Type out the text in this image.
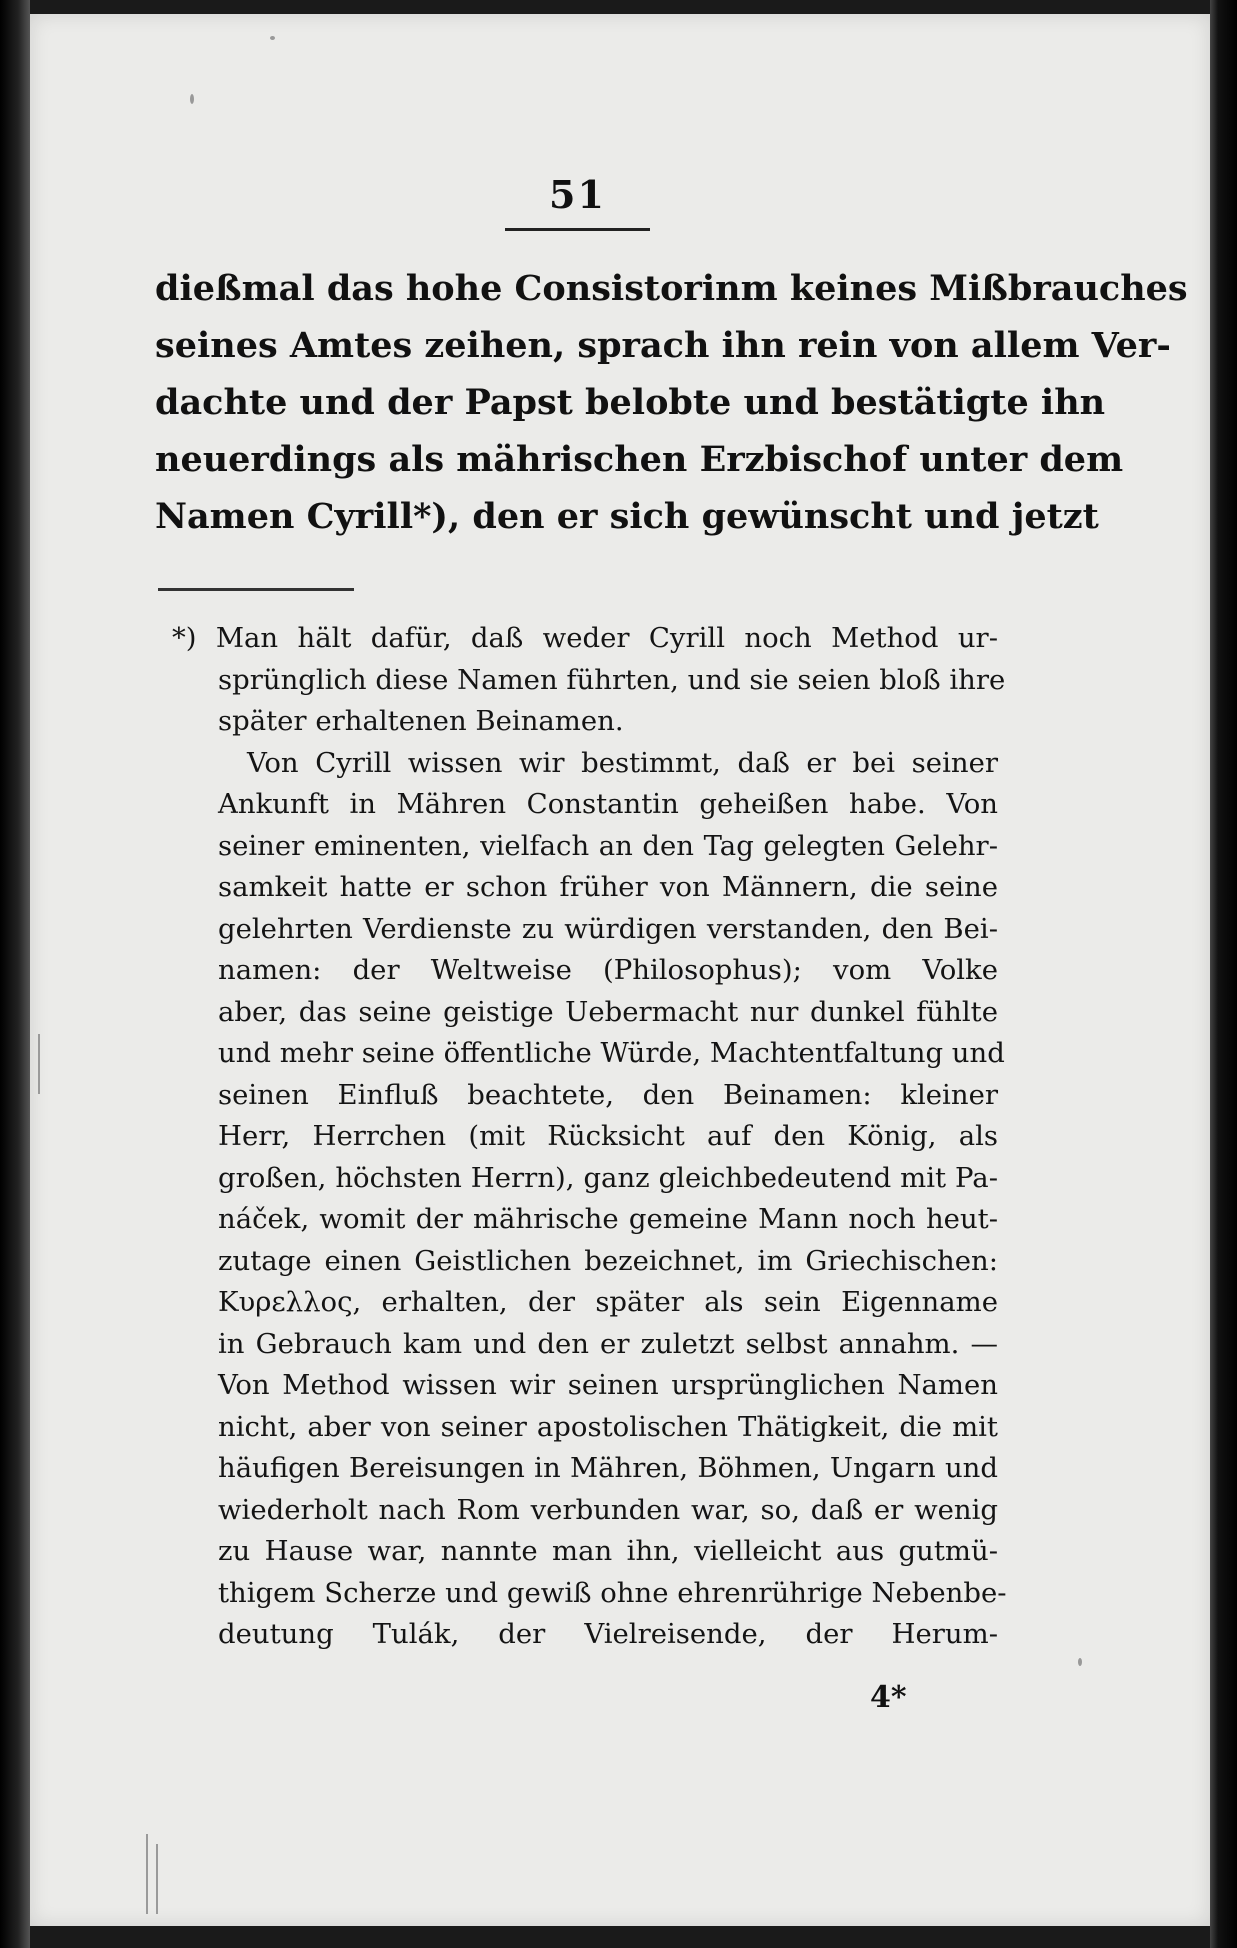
51
dießmal das hohe Consistorinm keines Mißbrauches
seines Amtes zeihen, sprach ihn rein von allem Ver-
dachte und der Papst belobte und bestätigte ihn
neuerdings als mährischen Erzbischof unter dem
Namen Cyrill*), den er sich gewünscht und jetzt
*) Man hält dafür, daß weder Cyrill noch Method ur-
sprünglich diese Namen führten, und sie seien bloß ihre
später erhaltenen Beinamen.
Von Cyrill wissen wir bestimmt, daß er bei seiner
Ankunft in Mähren Constantin geheißen habe. Von
seiner eminenten, vielfach an den Tag gelegten Gelehr-
samkeit hatte er schon früher von Männern, die seine
gelehrten Verdienste zu würdigen verstanden, den Bei-
namen: der Weltweise (Philosophus); vom Volke
aber, das seine geistige Uebermacht nur dunkel fühlte
und mehr seine öffentliche Würde, Machtentfaltung und
seinen Einfluß beachtete, den Beinamen: kleiner
Herr, Herrchen (mit Rücksicht auf den König, als
großen, höchsten Herrn), ganz gleichbedeutend mit Pa-
náček, womit der mährische gemeine Mann noch heut-
zutage einen Geistlichen bezeichnet, im Griechischen:
Κυρελλος, erhalten, der später als sein Eigenname
in Gebrauch kam und den er zuletzt selbst annahm. —
Von Method wissen wir seinen ursprünglichen Namen
nicht, aber von seiner apostolischen Thätigkeit, die mit
häufigen Bereisungen in Mähren, Böhmen, Ungarn und
wiederholt nach Rom verbunden war, so, daß er wenig
zu Hause war, nannte man ihn, vielleicht aus gutmü-
thigem Scherze und gewiß ohne ehrenrührige Nebenbe-
deutung Tulák, der Vielreisende, der Herum-
4*
